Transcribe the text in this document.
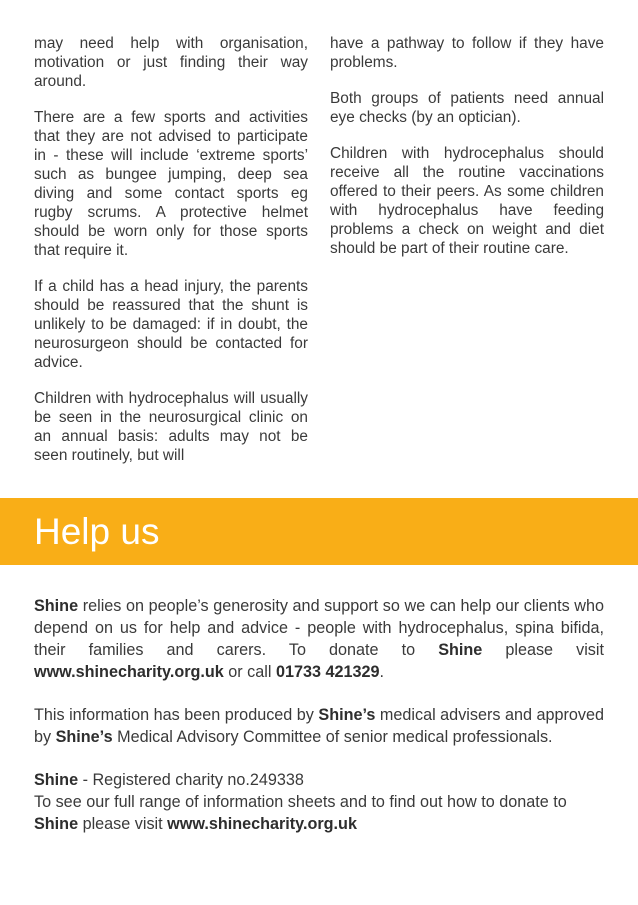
may need help with organisation, motivation or just finding their way around.

There are a few sports and activities that they are not advised to participate in - these will include ‘extreme sports’ such as bungee jumping, deep sea diving and some contact sports eg rugby scrums. A protective helmet should be worn only for those sports that require it.

If a child has a head injury, the parents should be reassured that the shunt is unlikely to be damaged: if in doubt, the neurosurgeon should be contacted for advice.

Children with hydrocephalus will usually be seen in the neurosurgical clinic on an annual basis: adults may not be seen routinely, but will

have a pathway to follow if they have problems.

Both groups of patients need annual eye checks (by an optician).

Children with hydrocephalus should receive all the routine vaccinations offered to their peers. As some children with hydrocephalus have feeding problems a check on weight and diet should be part of their routine care.

Help us

Shine relies on people’s generosity and support so we can help our clients who depend on us for help and advice - people with hydrocephalus, spina bifida, their families and carers. To donate to Shine please visit www.shinecharity.org.uk or call 01733 421329.

This information has been produced by Shine’s medical advisers and approved by Shine’s Medical Advisory Committee of senior medical professionals.

Shine - Registered charity no.249338
To see our full range of information sheets and to find out how to donate to Shine please visit www.shinecharity.org.uk
